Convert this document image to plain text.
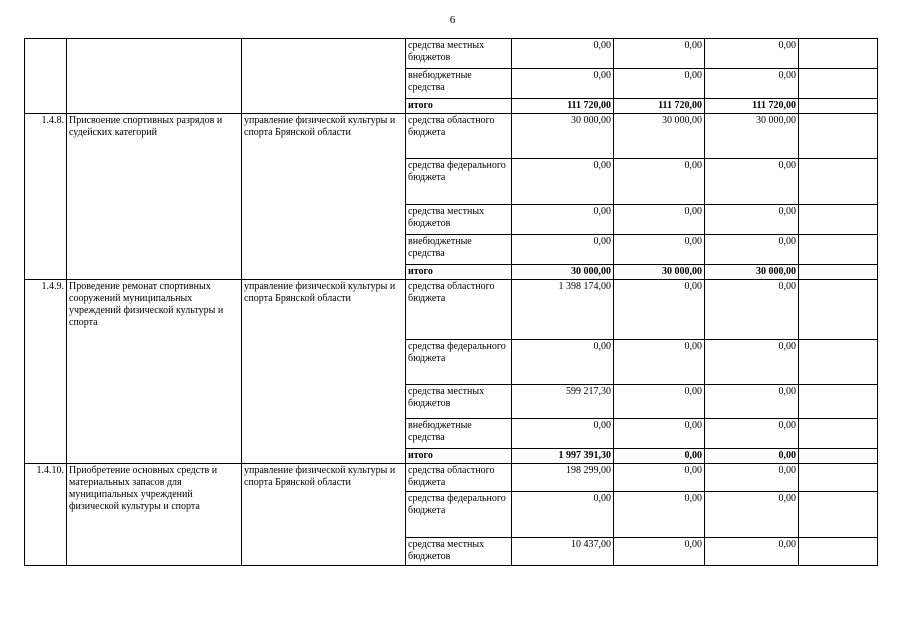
6
			средства местных бюджетов	0,00	0,00	0,00	
			внебюджетные средства	0,00	0,00	0,00	
			итого	111 720,00	111 720,00	111 720,00	
1.4.8.	Присвоение спортивных разрядов и судейских категорий	управление физической культуры и спорта Брянской области	средства областного бюджета	30 000,00	30 000,00	30 000,00	
			средства федерального бюджета	0,00	0,00	0,00	
			средства местных бюджетов	0,00	0,00	0,00	
			внебюджетные средства	0,00	0,00	0,00	
			итого	30 000,00	30 000,00	30 000,00	
1.4.9.	Проведение ремонат спортивных сооружений муниципальных учреждений физической культуры и спорта	управление физической культуры и спорта Брянской области	средства областного бюджета	1 398 174,00	0,00	0,00	
			средства федерального бюджета	0,00	0,00	0,00	
			средства местных бюджетов	599 217,30	0,00	0,00	
			внебюджетные средства	0,00	0,00	0,00	
			итого	1 997 391,30	0,00	0,00	
1.4.10.	Приобретение основных средств и материальных запасов для муниципальных учреждений физической культуры и спорта	управление физической культуры и спорта Брянской области	средства областного бюджета	198 299,00	0,00	0,00	
			средства федерального бюджета	0,00	0,00	0,00	
			средства местных бюджетов	10 437,00	0,00	0,00	
